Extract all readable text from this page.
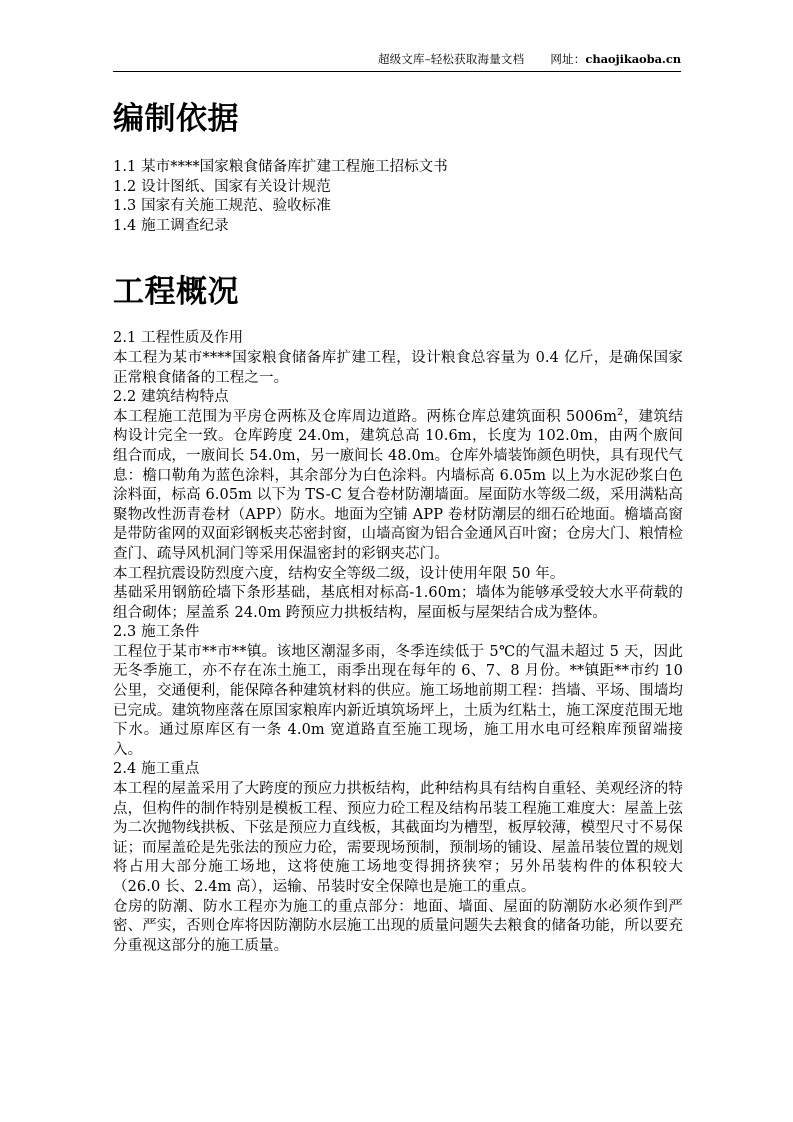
超级文库–轻松获取海量文档 网址： chaojikaoba.cn
编制依据

1.1 某市****国家粮食储备库扩建工程施工招标文书

1.2 设计图纸、国家有关设计规范

1.3 国家有关施工规范、验收标准

1.4 施工调查纪录

工程概况

2.1 工程性质及作用

本工程为某市****国家粮食储备库扩建工程，设计粮食总容量为 0.4 亿斤，是确保国家正常粮食储备的工程之一。

2.2 建筑结构特点

本工程施工范围为平房仓两栋及仓库周边道路。两栋仓库总建筑面积 $5006m^2$，建筑结构设计完全一致。仓库跨度 24.0m，建筑总高 10.6m，长度为 102.0m，由两个廒间组合而成，一廒间长 54.0m，另一廒间长 48.0m。仓库外墙装饰颜色明快，具有现代气息：檐口勒角为蓝色涂料，其余部分为白色涂料。内墙标高 6.05m 以上为水泥砂浆白色涂料面，标高 6.05m 以下为 TS-C 复合卷材防潮墙面。屋面防水等级二级，采用满粘高聚物改性沥青卷材（APP）防水。地面为空铺 APP 卷材防潮层的细石砼地面。檐墙高窗是带防雀网的双面彩钢板夹芯密封窗，山墙高窗为铝合金通风百叶窗；仓房大门、粮情检查门、疏导风机洞门等采用保温密封的彩钢夹芯门。

本工程抗震设防烈度六度，结构安全等级二级，设计使用年限 50 年。

基础采用钢筋砼墙下条形基础，基底相对标高-1.60m；墙体为能够承受较大水平荷载的组合砌体；屋盖系 24.0m 跨预应力拱板结构，屋面板与屋架结合成为整体。

2.3 施工条件

工程位于某市**市**镇。该地区潮湿多雨，冬季连续低于 5℃的气温未超过 5 天，因此无冬季施工，亦不存在冻土施工，雨季出现在每年的 6、7、8 月份。**镇距**市约 10 公里，交通便利，能保障各种建筑材料的供应。施工场地前期工程：挡墙、平场、围墙均已完成。建筑物座落在原国家粮库内新近填筑场坪上，土质为红粘土，施工深度范围无地下水。通过原库区有一条 4.0m 宽道路直至施工现场，施工用水电可经粮库预留端接入。

2.4 施工重点

本工程的屋盖采用了大跨度的预应力拱板结构，此种结构具有结构自重轻、美观经济的特点，但构件的制作特别是模板工程、预应力砼工程及结构吊装工程施工难度大：屋盖上弦为二次抛物线拱板、下弦是预应力直线板，其截面均为槽型，板厚较薄，模型尺寸不易保证；而屋盖砼是先张法的预应力砼，需要现场预制，预制场的铺设、屋盖吊装位置的规划将占用大部分施工场地，这将使施工场地变得拥挤狭窄；另外吊装构件的体积较大（26.0 长、2.4m 高），运输、吊装时安全保障也是施工的重点。

仓房的防潮、防水工程亦为施工的重点部分：地面、墙面、屋面的防潮防水必须作到严密、严实，否则仓库将因防潮防水层施工出现的质量问题失去粮食的储备功能，所以要充分重视这部分的施工质量。
